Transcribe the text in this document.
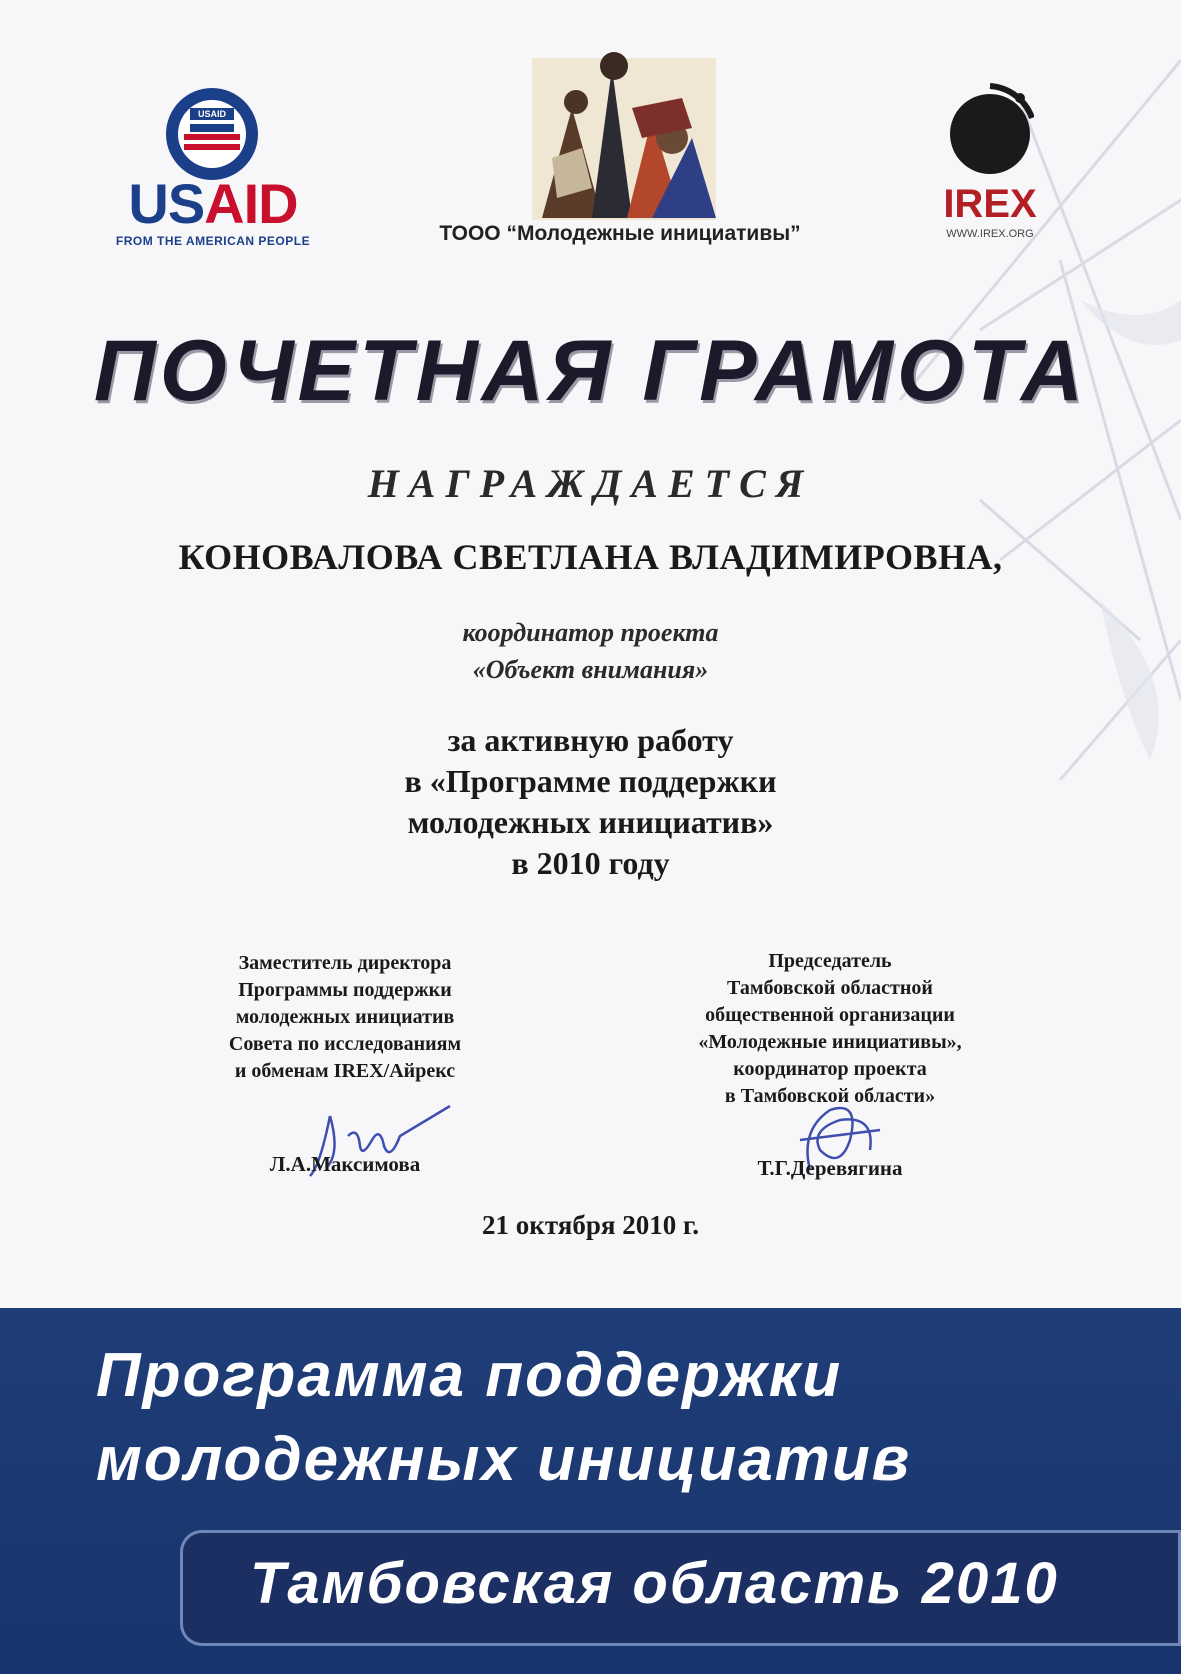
USAID
USAID
FROM THE AMERICAN PEOPLE	ТООО “Молодежные инициативы”
IREX
WWW.IREX.ORG
ПОЧЕТНАЯ ГРАМОТА
НАГРАЖДАЕТСЯ
КОНОВАЛОВА СВЕТЛАНА ВЛАДИМИРОВНА,
координатор проекта
«Объект внимания»
за активную работу
в «Программе поддержки
молодежных инициатив»
в 2010 году
Заместитель директора
Программы поддержки
молодежных инициатив
Совета по исследованиям
и обменам IREX/Айрекс
Председатель
Тамбовской областной
общественной организации
«Молодежные инициативы»,
координатор проекта
в Тамбовской области»
Л.А.Максимова	Т.Г.Деревягина
21 октября 2010 г.
Программа поддержки
молодежных инициатив
Тамбовская область 2010
